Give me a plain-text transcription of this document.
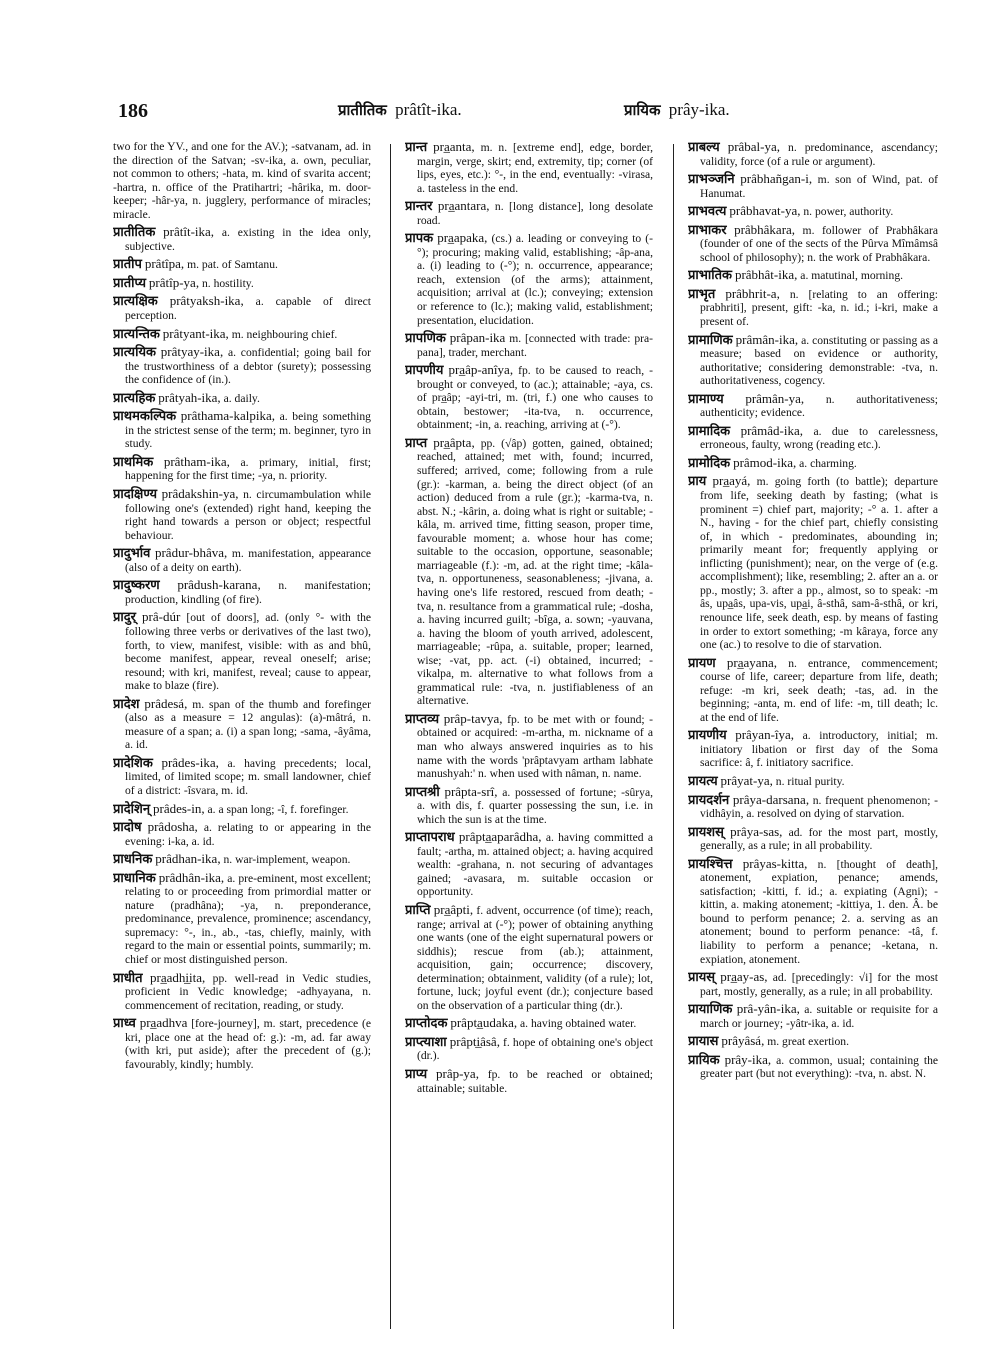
186	प्रातीतिक prâtît-ika.	प्रायिक prây-ika.

two for the YV., and one for the AV.); -satvanam, ad. in the direction of the Satvan; -sv-ika, a. own, peculiar, not common to others; -hata, m. kind of svarita accent; -hartra, n. office of the Pratihartri; -hârika, m. door-keeper; -hâr-ya, n. jugglery, performance of miracles; miracle.

प्रातीतिक prâtît-ika, a. existing in the idea only, subjective.

प्रातीप prâtîpa, m. pat. of Samtanu.

प्रातीप्य prâtîp-ya, n. hostility.

प्रात्यक्षिक prâtyaksh-ika, a. capable of direct perception.

प्रात्यन्तिक prâtyant-ika, m. neighbouring chief.

प्रात्ययिक prâtyay-ika, a. confidential; going bail for the trustworthiness of a debtor (surety); possessing the confidence of (in.).

प्रात्यहिक prâtyah-ika, a. daily.

प्राथमकल्पिक prâthama-kalpika, a. being something in the strictest sense of the term; m. beginner, tyro in study.

प्राथमिक prâtham-ika, a. primary, initial, first; happening for the first time; -ya, n. priority.

प्रादक्षिण्य prâdakshin-ya, n. circumambulation while following one's (extended) right hand, keeping the right hand towards a person or object; respectful behaviour.

प्रादुर्भाव prâdur-bhâva, m. manifestation, appearance (also of a deity on earth).

प्रादुष्करण prâdush-karana, n. manifestation; production, kindling (of fire).

प्रादुर् prâ-dúr [out of doors], ad. (only °- with the following three verbs or derivatives of the last two), forth, to view, manifest, visible: with as and bhû, become manifest, appear, reveal oneself; arise; resound; with kri, manifest, reveal; cause to appear, make to blaze (fire).

प्रादेश prâdesá, m. span of the thumb and forefinger (also as a measure = 12 angulas): (a)-mâtrá, n. measure of a span; a. (i) a span long; -sama, -âyâma, a. id.

प्रादेशिक prâdes-ika, a. having precedents; local, limited, of limited scope; m. small landowner, chief of a district: -îsvara, m. id.

प्रादेशिन् prâdes-in, a. a span long; -î, f. forefinger.

प्रादोष prâdosha, a. relating to or appearing in the evening: i-ka, a. id.

प्राधनिक prâdhan-ika, n. war-implement, weapon.

प्राधानिक prâdhân-ika, a. pre-eminent, most excellent; relating to or proceeding from primordial matter or nature (pradhâna); -ya, n. preponderance, predominance, prevalence, prominence; ascendancy, supremacy: °-, in., ab., -tas, chiefly, mainly, with regard to the main or essential points, summarily; m. chief or most distinguished person.

प्राधीत pra̲adhi̲ita, pp. well-read in Vedic studies, proficient in Vedic knowledge; -adhyayana, n. commencement of recitation, reading, or study.

प्राध्व pra̲adhva [fore-journey], m. start, precedence (e kri, place one at the head of: g.): -m, ad. far away (with kri, put aside); after the precedent of (g.); favourably, kindly; humbly.

प्रान्त pra̲anta, m. n. [extreme end], edge, border, margin, verge, skirt; end, extremity, tip; corner (of lips, eyes, etc.): °-, in the end, eventually: -virasa, a. tasteless in the end.

प्रान्तर pra̲antara, n. [long distance], long desolate road.

प्रापक pra̲apaka, (cs.) a. leading or conveying to (-°); procuring; making valid, establishing; -âp-ana, a. (i) leading to (-°); n. occurrence, appearance; reach, extension (of the arms); attainment, acquisition; arrival at (lc.); conveying; extension or reference to (lc.); making valid, establishment; presentation, elucidation.

प्रापणिक prâpan-ika m. [connected with trade: pra-pana], trader, merchant.

प्रापणीय pra̲âp-anîya, fp. to be caused to reach, - brought or conveyed, to (ac.); attainable; -aya, cs. of pra̲âp; -ayi-tri, m. (tri, f.) one who causes to obtain, bestower; -ita-tva, n. occurrence, obtainment; -in, a. reaching, arriving at (-°).

प्राप्त pra̲âpta, pp. (√âp) gotten, gained, obtained; reached, attained; met with, found; incurred, suffered; arrived, come; following from a rule (gr.): -karman, a. being the direct object (of an action) deduced from a rule (gr.); -karma-tva, n. abst. N.; -kârin, a. doing what is right or suitable; -kâla, m. arrived time, fitting season, proper time, favourable moment; a. whose hour has come; suitable to the occasion, opportune, seasonable; marriageable (f.): -m, ad. at the right time; -kâla-tva, n. opportuneness, seasonableness; -jivana, a. having one's life restored, rescued from death; -tva, n. resultance from a grammatical rule; -dosha, a. having incurred guilt; -bîga, a. sown; -yauvana, a. having the bloom of youth arrived, adolescent, marriageable; -rûpa, a. suitable, proper; learned, wise; -vat, pp. act. (-i) obtained, incurred; -vikalpa, m. alternative to what follows from a grammatical rule: -tva, n. justifiableness of an alternative.

प्राप्तव्य prâp-tavya, fp. to be met with or found; - obtained or acquired: -m-artha, m. nickname of a man who always answered inquiries as to his name with the words 'prâptavyam artham labhate manushyah:' n. when used with nâman, n. name.

प्राप्तश्री prâpta-srî, a. possessed of fortune; -sûrya, a. with dis, f. quarter possessing the sun, i.e. in which the sun is at the time.

प्राप्तापराध prâpta̲aparâdha, a. having committed a fault; -artha, m. attained object; a. having acquired wealth: -grahana, n. not securing of advantages gained; -avasara, m. suitable occasion or opportunity.

प्राप्ति pra̲âpti, f. advent, occurrence (of time); reach, range; arrival at (-°); power of obtaining anything one wants (one of the eight supernatural powers or siddhis); rescue from (ab.); attainment, acquisition, gain; occurrence; discovery, determination; obtainment, validity (of a rule); lot, fortune, luck; joyful event (dr.); conjecture based on the observation of a particular thing (dr.).

प्राप्तोदक prâpta̲udaka, a. having obtained water.

प्राप्त्याशा prâpti̲âsâ, f. hope of obtaining one's object (dr.).

प्राप्य prâp-ya, fp. to be reached or obtained; attainable; suitable.

प्राबल्य prâbal-ya, n. predominance, ascendancy; validity, force (of a rule or argument).

प्राभञ्जनि prâbhañgan-i, m. son of Wind, pat. of Hanumat.

प्राभवत्य prâbhavat-ya, n. power, authority.

प्राभाकर prâbhâkara, m. follower of Prabhâkara (founder of one of the sects of the Pûrva Mîmâmsâ school of philosophy); n. the work of Prabhâkara.

प्राभातिक prâbhât-ika, a. matutinal, morning.

प्राभृत prâbhrit-a, n. [relating to an offering: prabhriti], present, gift: -ka, n. id.; i-kri, make a present of.

प्रामाणिक prâmân-ika, a. constituting or passing as a measure; based on evidence or authority, authoritative; considering demonstrable: -tva, n. authoritativeness, cogency.

प्रामाण्य prâmân-ya, n. authoritativeness; authenticity; evidence.

प्रामादिक prâmâd-ika, a. due to carelessness, erroneous, faulty, wrong (reading etc.).

प्रामोदिक prâmod-ika, a. charming.

प्राय pra̲ayá, m. going forth (to battle); departure from life, seeking death by fasting; (what is prominent =) chief part, majority; -° a. 1. after a N., having - for the chief part, chiefly consisting of, in which - predominates, abounding in; primarily meant for; frequently applying or inflicting (punishment); near, on the verge of (e.g. accomplishment); like, resembling; 2. after an a. or pp., mostly; 3. after a pp., almost, so to speak: -m âs, upa̲âs, upa-vis, upa̲i, â-sthâ, sam-â-sthâ, or kri, renounce life, seek death, esp. by means of fasting in order to extort something; -m kâraya, force any one (ac.) to resolve to die of starvation.

प्रायण pra̲ayana, n. entrance, commencement; course of life, career; departure from life, death; refuge: -m kri, seek death; -tas, ad. in the beginning; -anta, m. end of life: -m, till death; lc. at the end of life.

प्रायणीय prâyan-îya, a. introductory, initial; m. initiatory libation or first day of the Soma sacrifice: â, f. initiatory sacrifice.

प्रायत्य prâyat-ya, n. ritual purity.

प्रायदर्शन prâya-darsana, n. frequent phenomenon; -vidhâyin, a. resolved on dying of starvation.

प्रायशस् prâya-sas, ad. for the most part, mostly, generally, as a rule; in all probability.

प्रायश्चित्त prâyas-kitta, n. [thought of death], atonement, expiation, penance; amends, satisfaction; -kitti, f. id.; a. expiating (Agni); -kittin, a. making atonement; -kittiya, 1. den. Â. be bound to perform penance; 2. a. serving as an atonement; bound to perform penance: -tâ, f. liability to perform a penance; -ketana, n. expiation, atonement.

प्रायस् pra̲ay-as, ad. [precedingly: √i] for the most part, mostly, generally, as a rule; in all probability.

प्रायाणिक prâ-yân-ika, a. suitable or requisite for a march or journey; -yâtr-ika, a. id.

प्रायास prâyâsá, m. great exertion.

प्रायिक prây-ika, a. common, usual; containing the greater part (but not everything): -tva, n. abst. N.
